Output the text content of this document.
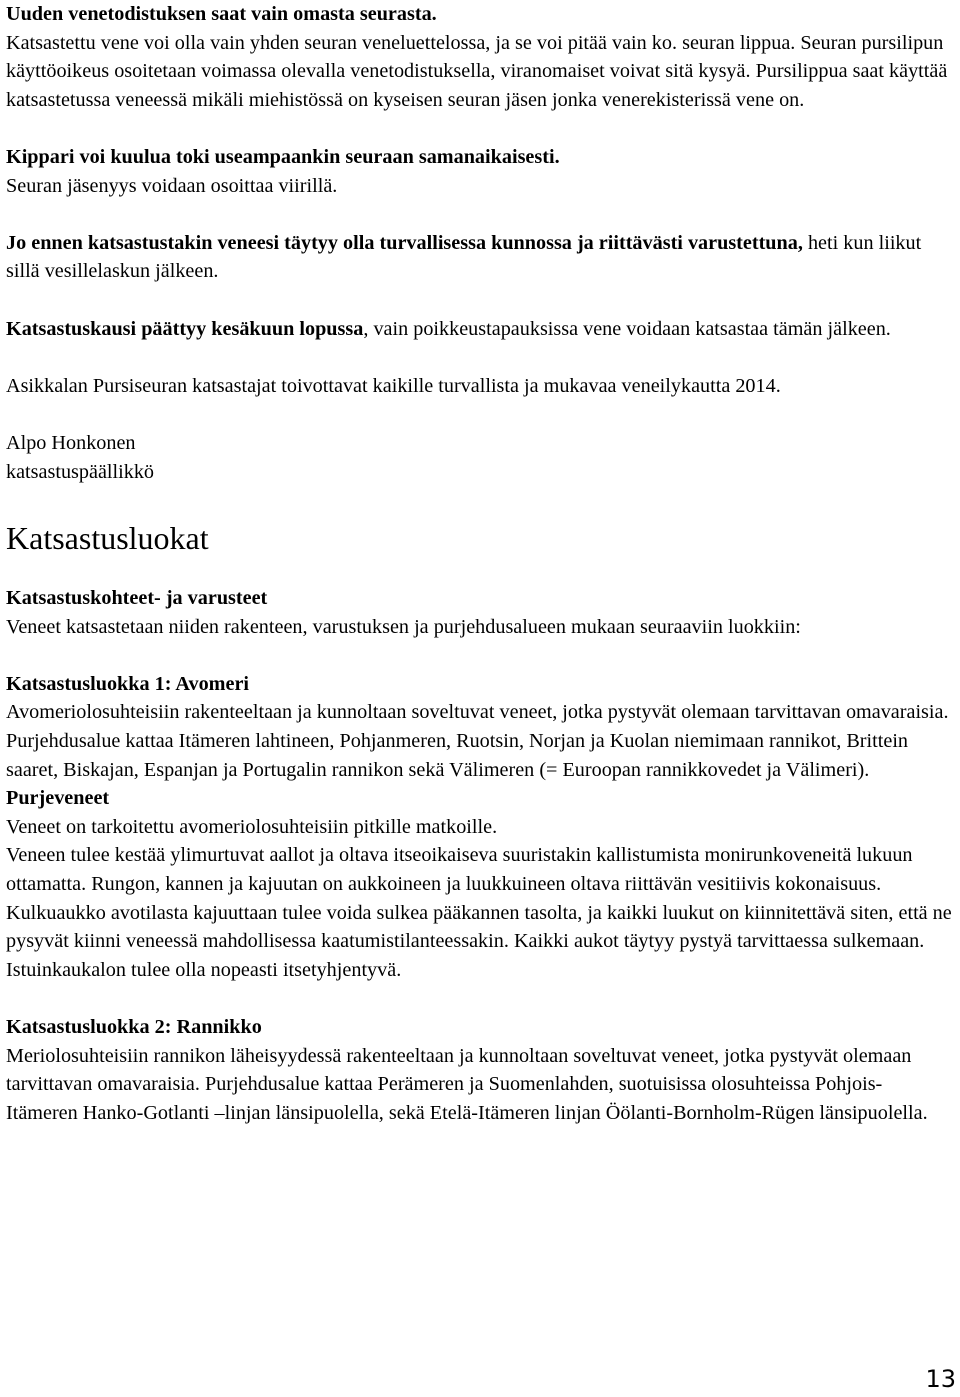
Uuden venetodistuksen saat vain omasta seurasta.
Katsastettu vene voi olla vain yhden seuran veneluettelossa, ja se voi pitää vain ko. seuran lippua. Seuran pursilipun käyttöoikeus osoitetaan voimassa olevalla venetodistuksella, viranomaiset voivat sitä kysyä. Pursilippua saat käyttää katsastetussa veneessä mikäli miehistössä on kyseisen seuran jäsen jonka venerekisterissä vene on.

Kippari voi kuulua toki useampaankin seuraan samanaikaisesti.
Seuran jäsenyys voidaan osoittaa viirillä.

Jo ennen katsastustakin veneesi täytyy olla turvallisessa kunnossa ja riittävästi varustettuna, heti kun liikut sillä vesillelaskun jälkeen.

Katsastuskausi päättyy kesäkuun lopussa, vain poikkeustapauksissa vene voidaan katsastaa tämän jälkeen.

Asikkalan Pursiseuran katsastajat toivottavat kaikille turvallista ja mukavaa veneilykautta 2014.

Alpo Honkonen
katsastuspäällikkö

Katsastusluokat

Katsastuskohteet- ja varusteet
Veneet katsastetaan niiden rakenteen, varustuksen ja purjehdusalueen mukaan seuraaviin luokkiin:

Katsastusluokka 1: Avomeri
Avomeriolosuhteisiin rakenteeltaan ja kunnoltaan soveltuvat veneet, jotka pystyvät olemaan tarvittavan omavaraisia. Purjehdusalue kattaa Itämeren lahtineen, Pohjanmeren, Ruotsin, Norjan ja Kuolan niemimaan rannikot, Brittein saaret, Biskajan, Espanjan ja Portugalin rannikon sekä Välimeren (= Euroopan rannikkovedet ja Välimeri).
Purjeveneet
Veneet on tarkoitettu avomeriolosuhteisiin pitkille matkoille.
Veneen tulee kestää ylimurtuvat aallot ja oltava itseoikaiseva suuristakin kallistumista monirunkoveneitä lukuun ottamatta. Rungon, kannen ja kajuutan on aukkoineen ja luukkuineen oltava riittävän vesitiivis kokonaisuus. Kulkuaukko avotilasta kajuuttaan tulee voida sulkea pääkannen tasolta, ja kaikki luukut on kiinnitettävä siten, että ne pysyvät kiinni veneessä mahdollisessa kaatumistilanteessakin. Kaikki aukot täytyy pystyä tarvittaessa sulkemaan. Istuinkaukalon tulee olla nopeasti itsetyhjentyvä.

Katsastusluokka 2: Rannikko
Meriolosuhteisiin rannikon läheisyydessä rakenteeltaan ja kunnoltaan soveltuvat veneet, jotka pystyvät olemaan tarvittavan omavaraisia. Purjehdusalue kattaa Perämeren ja Suomenlahden, suotuisissa olosuhteissa Pohjois-Itämeren Hanko-Gotlanti –linjan länsipuolella, sekä Etelä-Itämeren linjan Öölanti-Bornholm-Rügen länsipuolella.

13
